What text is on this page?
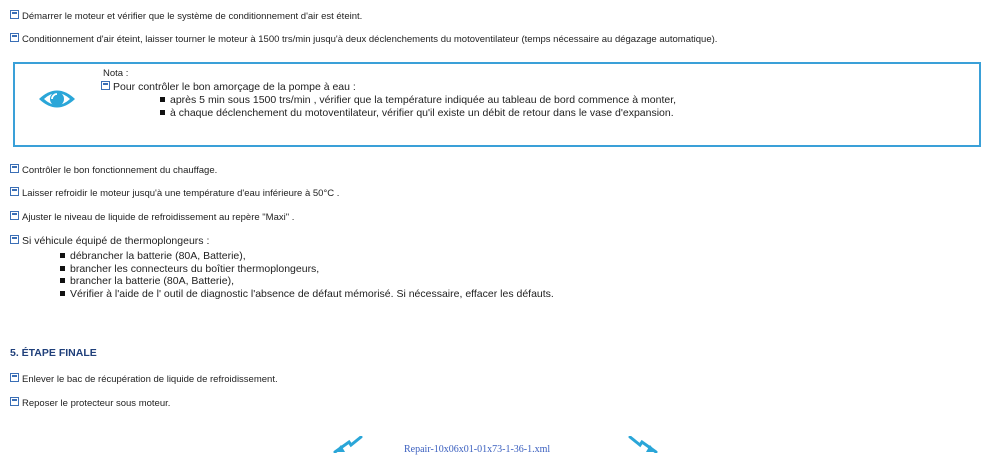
Démarrer le moteur et vérifier que le système de conditionnement d'air est éteint.
Conditionnement d'air éteint, laisser tourner le moteur à 1500 trs/min jusqu'à deux déclenchements du motoventilateur (temps nécessaire au dégazage automatique).
Nota :
Pour contrôler le bon amorçage de la pompe à eau :
après 5 min sous 1500 trs/min , vérifier que la température indiquée au tableau de bord commence à monter,
à chaque déclenchement du motoventilateur, vérifier qu'il existe un débit de retour dans le vase d'expansion.
Contrôler le bon fonctionnement du chauffage.
Laisser refroidir le moteur jusqu'à une température d'eau inférieure à 50°C .
Ajuster le niveau de liquide de refroidissement au repère "Maxi" .
Si véhicule équipé de thermoplongeurs :
débrancher la batterie (80A, Batterie),
brancher les connecteurs du boîtier thermoplongeurs,
brancher la batterie (80A, Batterie),
Vérifier à l'aide de l' outil de diagnostic l'absence de défaut mémorisé. Si nécessaire, effacer les défauts.
5. ÉTAPE FINALE
Enlever le bac de récupération de liquide de refroidissement.
Reposer le protecteur sous moteur.
Repair-10x06x01-01x73-1-36-1.xml
